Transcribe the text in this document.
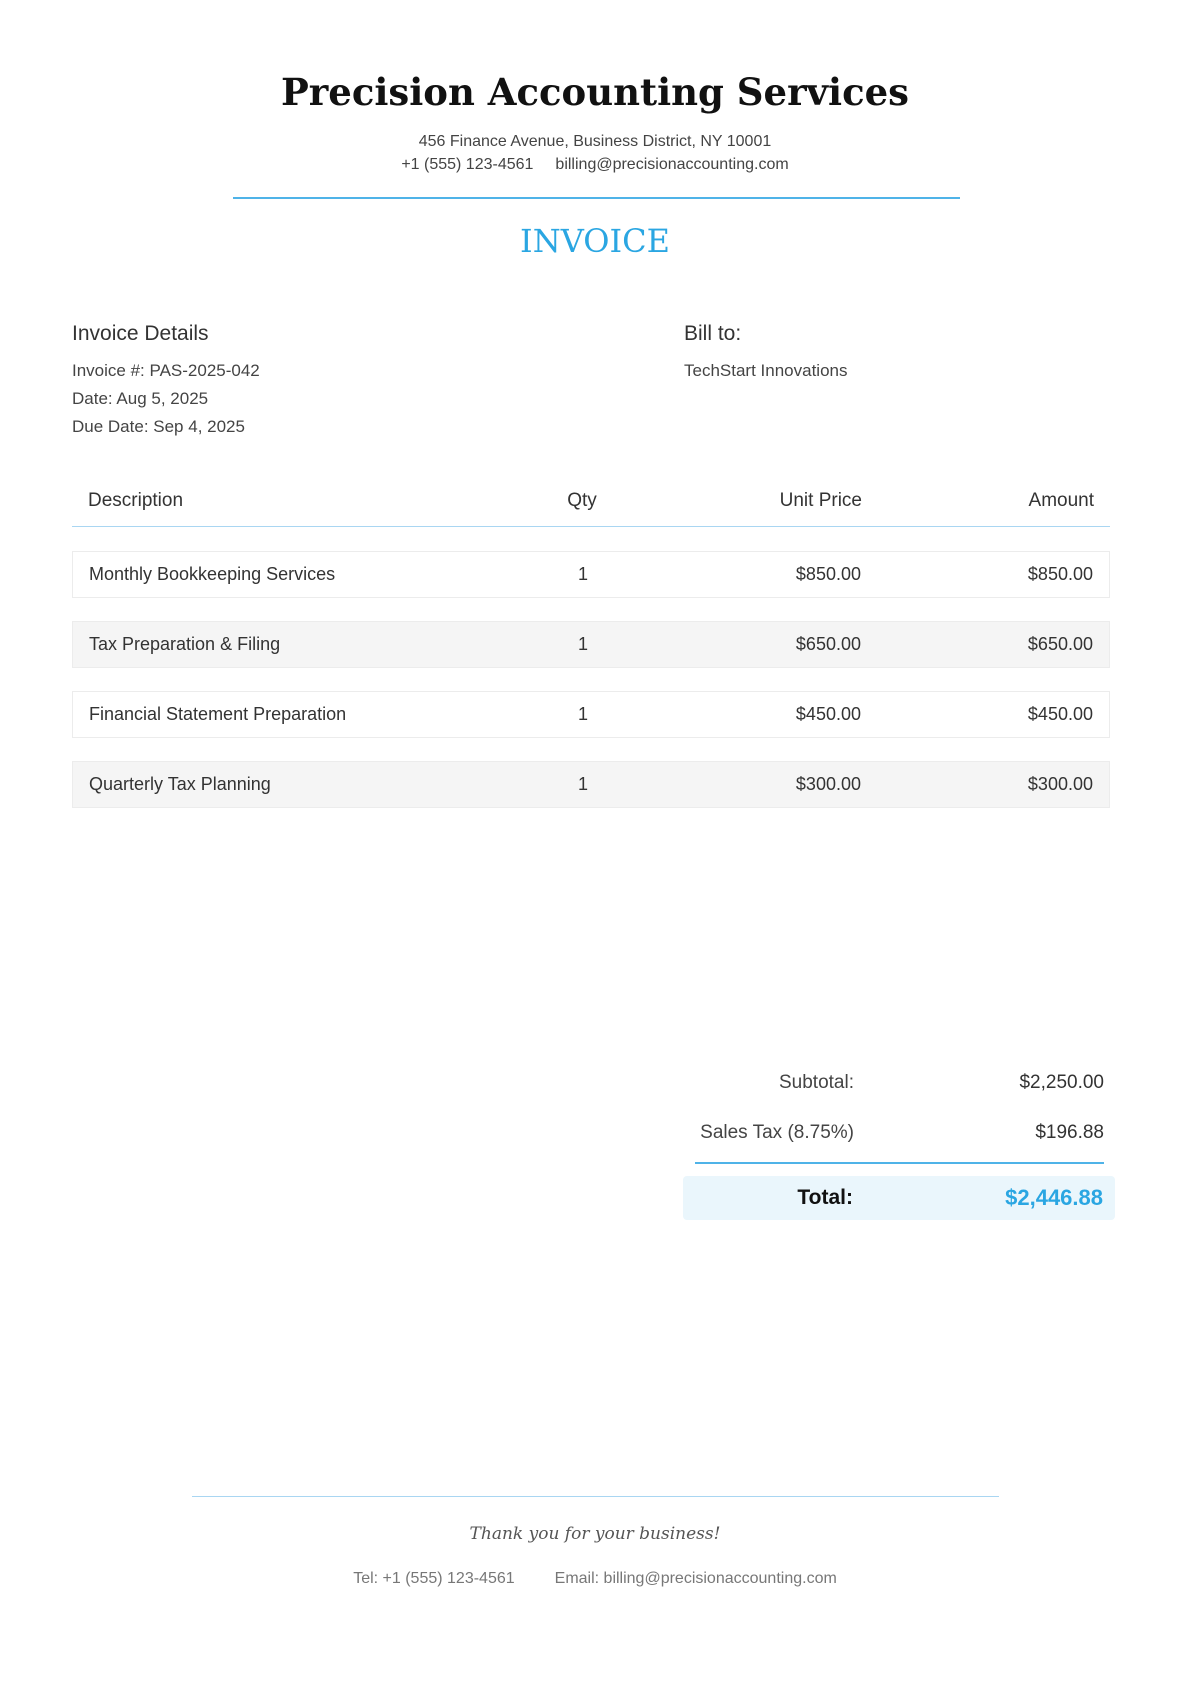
Precision Accounting Services
456 Finance Avenue, Business District, NY 10001
+1 (555) 123-4561 billing@precisionaccounting.com
INVOICE
Invoice Details
Invoice #: PAS-2025-042
Date: Aug 5, 2025
Due Date: Sep 4, 2025
Bill to:
TechStart Innovations
Description	Qty	Unit Price	Amount
Monthly Bookkeeping Services	1	$850.00	$850.00
Tax Preparation & Filing	1	$650.00	$650.00
Financial Statement Preparation	1	$450.00	$450.00
Quarterly Tax Planning	1	$300.00	$300.00
Subtotal:	$2,250.00
Sales Tax (8.75%)	$196.88
Total:	$2,446.88
Thank you for your business!
Tel: +1 (555) 123-4561	Email: billing@precisionaccounting.com
